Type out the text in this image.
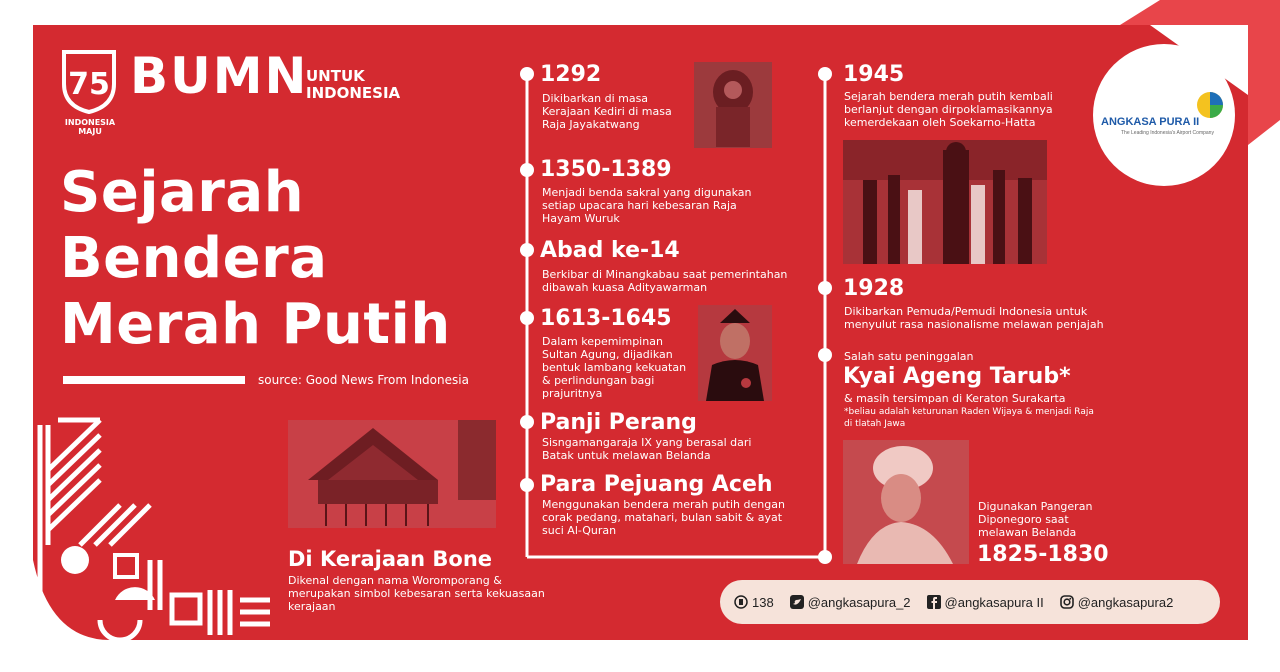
75
INDONESIA MAJU
BUMN
UNTUK INDONESIA
Sejarah
Bendera
Merah Putih
source: Good News From Indonesia
Di Kerajaan Bone
Dikenal dengan nama Woromporang & merupakan simbol kebesaran serta kekuasaan kerajaan
1292
Dikibarkan di masa Kerajaan Kediri di masa Raja Jayakatwang
1350-1389
Menjadi benda sakral yang digunakan setiap upacara hari kebesaran Raja Hayam Wuruk
Abad ke-14
Berkibar di Minangkabau saat pemerintahan dibawah kuasa Adityawarman
1613-1645
Dalam kepemimpinan Sultan Agung, dijadikan bentuk lambang kekuatan & perlindungan bagi prajuritnya
Panji Perang
Sisngamangaraja IX yang berasal dari Batak untuk melawan Belanda
Para Pejuang Aceh
Menggunakan bendera merah putih dengan corak pedang, matahari, bulan sabit & ayat suci Al-Quran
1945
Sejarah bendera merah putih kembali berlanjut dengan dirpoklamasikannya kemerdekaan oleh Soekarno-Hatta
1928
Dikibarkan Pemuda/Pemudi Indonesia untuk menyulut rasa nasionalisme melawan penjajah
Salah satu peninggalan
Kyai Ageng Tarub*
& masih tersimpan di Keraton Surakarta
*beliau adalah keturunan Raden Wijaya & menjadi Raja di tlatah Jawa
Digunakan Pangeran Diponegoro saat melawan Belanda
1825-1830
ANGKASA PURA II
The Leading Indonesia's Airport Company
138	@angkasapura_2	@angkasapura II	@angkasapura2
